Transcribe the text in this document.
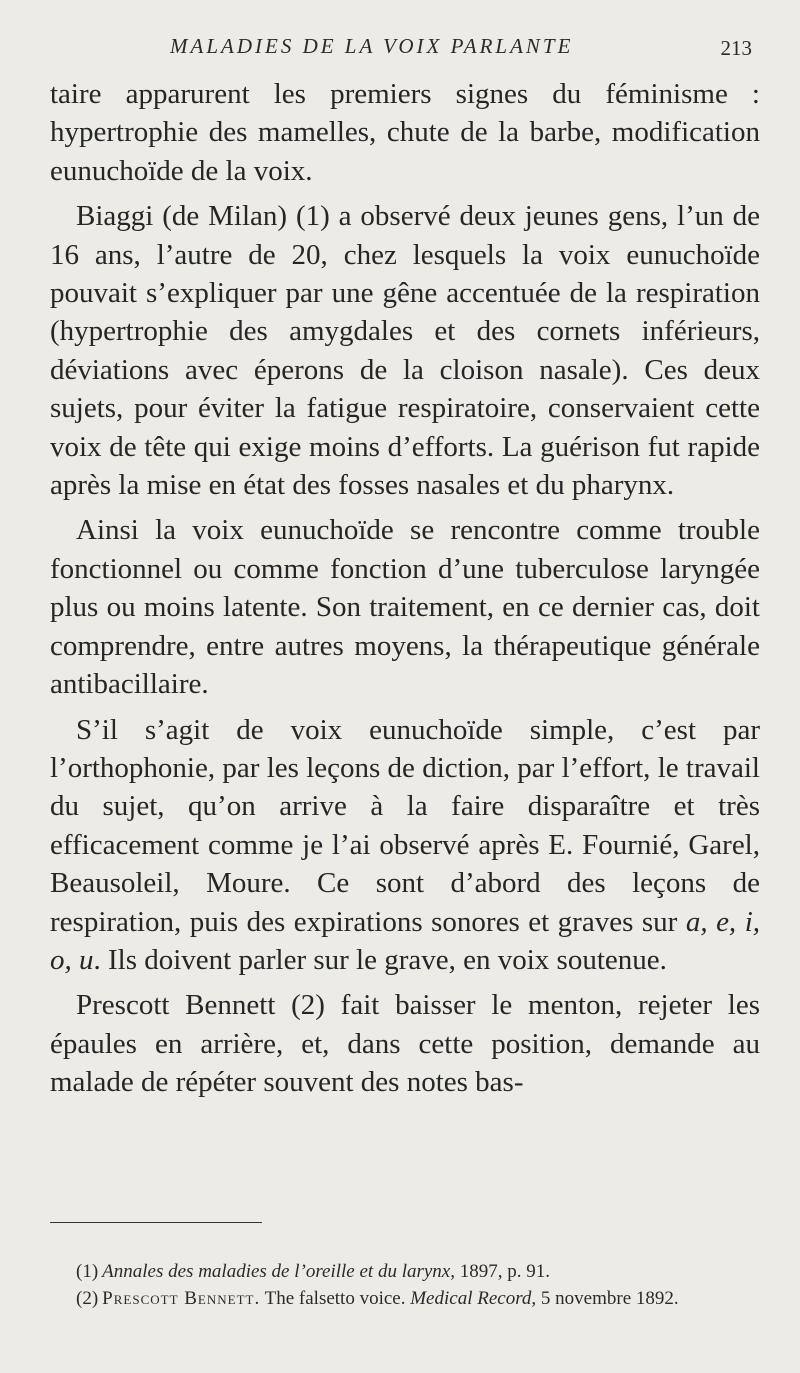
MALADIES DE LA VOIX PARLANTE	213

taire apparurent les premiers signes du féminisme : hypertrophie des mamelles, chute de la barbe, modification eunuchoïde de la voix.

Biaggi (de Milan) (1) a observé deux jeunes gens, l’un de 16 ans, l’autre de 20, chez lesquels la voix eunuchoïde pouvait s’expliquer par une gêne accentuée de la respiration (hypertrophie des amygdales et des cornets inférieurs, déviations avec éperons de la cloison nasale). Ces deux sujets, pour éviter la fatigue respiratoire, conservaient cette voix de tête qui exige moins d’efforts. La guérison fut rapide après la mise en état des fosses nasales et du pharynx.

Ainsi la voix eunuchoïde se rencontre comme trouble fonctionnel ou comme fonction d’une tuberculose laryngée plus ou moins latente. Son traitement, en ce dernier cas, doit comprendre, entre autres moyens, la thérapeutique générale antibacillaire.

S’il s’agit de voix eunuchoïde simple, c’est par l’orthophonie, par les leçons de diction, par l’effort, le travail du sujet, qu’on arrive à la faire disparaître et très efficacement comme je l’ai observé après E. Fournié, Garel, Beausoleil, Moure. Ce sont d’abord des leçons de respiration, puis des expirations sonores et graves sur a, e, i, o, u. Ils doivent parler sur le grave, en voix soutenue.

Prescott Bennett (2) fait baisser le menton, rejeter les épaules en arrière, et, dans cette position, demande au malade de répéter souvent des notes bas-

(1) Annales des maladies de l’oreille et du larynx, 1897, p. 91.

(2) Prescott Bennett. The falsetto voice. Medical Record, 5 novembre 1892.
